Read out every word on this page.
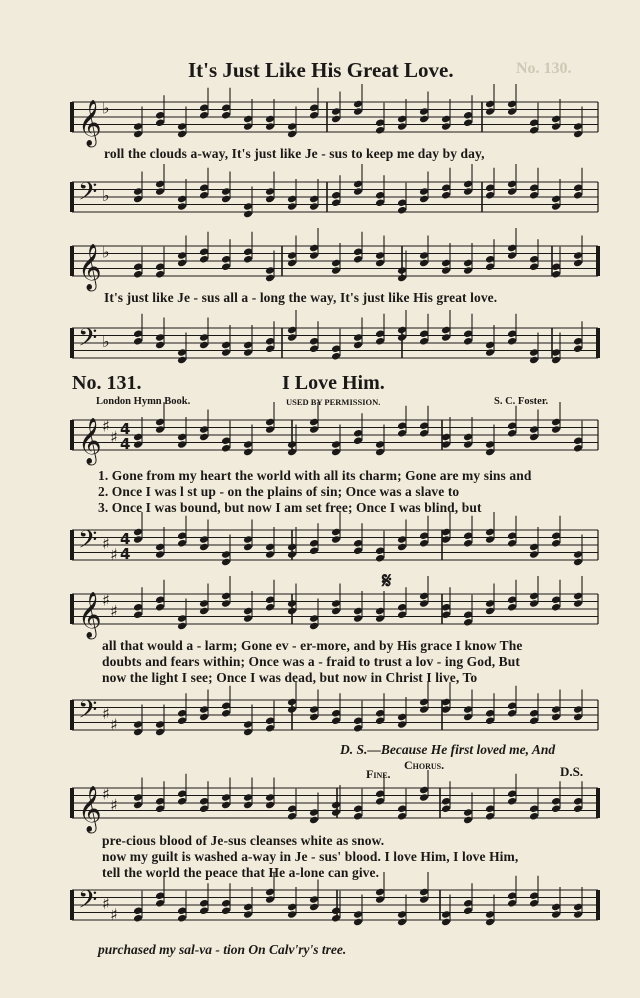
No. 130.
It's Just Like His Great Love.
𝄞 ♭
roll the clouds a-way, It's just like Je - sus to keep me day by day,
𝄢 ♭
𝄞 ♭
It's just like Je - sus all a - long the way, It's just like His great love.
𝄢 ♭
No. 131.	I Love Him.
London Hymn Book.	USED BY PERMISSION.	S. C. Foster.
𝄞 ♯
♯ 4
4
1. Gone from my heart the world with all its charm; Gone are my sins and
2. Once I was l st up - on the plains of sin; Once was a slave to
3. Once I was bound, but now I am set free; Once I was blind, but
𝄢 ♯
♯
4
4
𝄋
𝄞 ♯
♯
all that would a - larm; Gone ev - er-more, and by His grace I know The
doubts and fears within; Once was a - fraid to trust a lov - ing God, But
now the light I see; Once I was dead, but now in Christ I live, To
𝄢 ♯
♯
D. S.—Because He first loved me, And
Fine.
Chorus.	D.S.
𝄞 ♯
♯
pre-cious blood of Je-sus cleanses white as snow.
now my guilt is washed a-way in Je - sus' blood. I love Him, I love Him,
tell the world the peace that He a-lone can give.
𝄢 ♯
♯
purchased my sal-va - tion On Calv'ry's tree.
